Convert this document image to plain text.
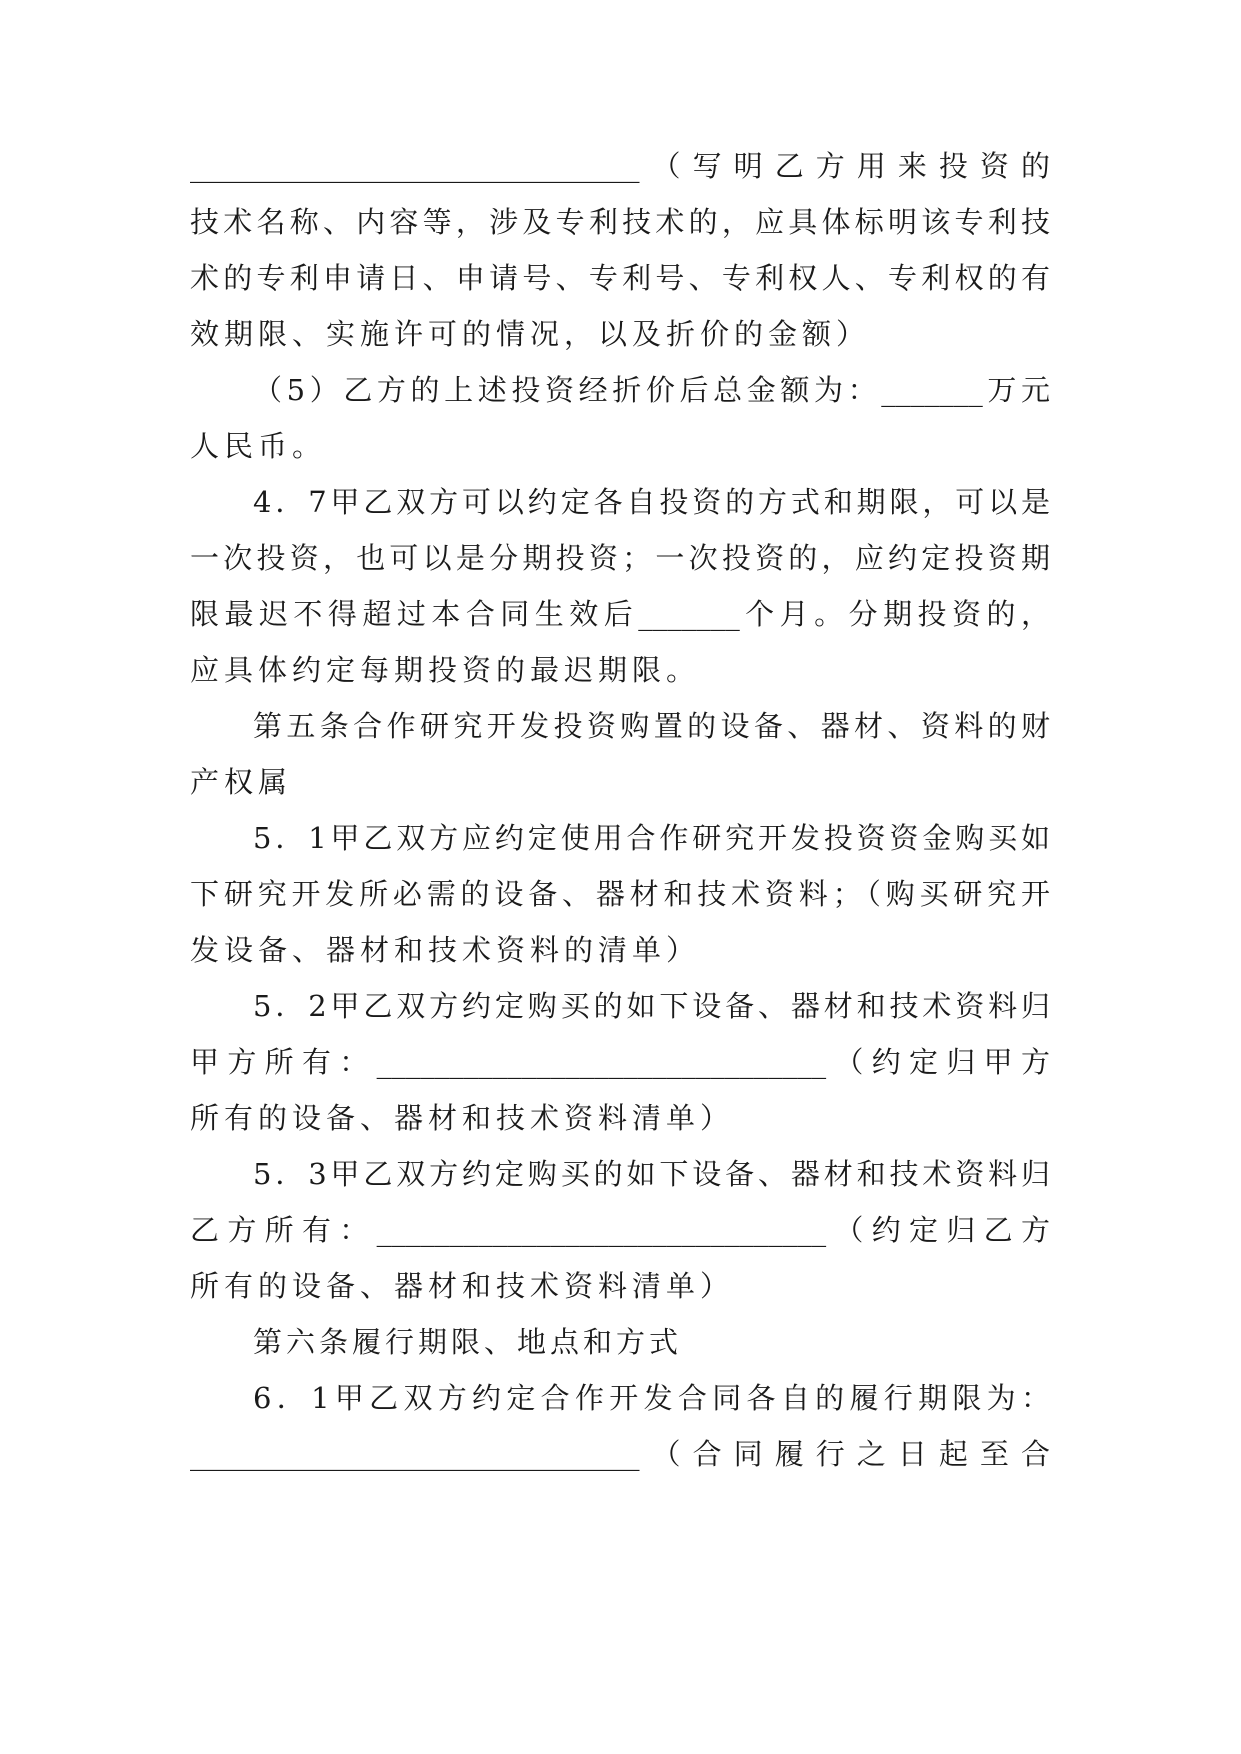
_______________________________（写明乙方用来投资的
技术名称、内容等，涉及专利技术的，应具体标明该专利技
术的专利申请日、申请号、专利号、专利权人、专利权的有
效期限、实施许可的情况，以及折价的金额）
（5）乙方的上述投资经折价后总金额为：_______万元
人民币。
4．7甲乙双方可以约定各自投资的方式和期限，可以是
一次投资，也可以是分期投资；一次投资的，应约定投资期
限最迟不得超过本合同生效后_______个月。分期投资的，
应具体约定每期投资的最迟期限。
第五条合作研究开发投资购置的设备、器材、资料的财
产权属
5．1甲乙双方应约定使用合作研究开发投资资金购买如
下研究开发所必需的设备、器材和技术资料；（购买研究开
发设备、器材和技术资料的清单）
5．2甲乙双方约定购买的如下设备、器材和技术资料归
甲方所有：_______________________________（约定归甲方
所有的设备、器材和技术资料清单）
5．3甲乙双方约定购买的如下设备、器材和技术资料归
乙方所有：_______________________________（约定归乙方
所有的设备、器材和技术资料清单）
第六条履行期限、地点和方式
6．1甲乙双方约定合作开发合同各自的履行期限为：
_______________________________（合同履行之日起至合
